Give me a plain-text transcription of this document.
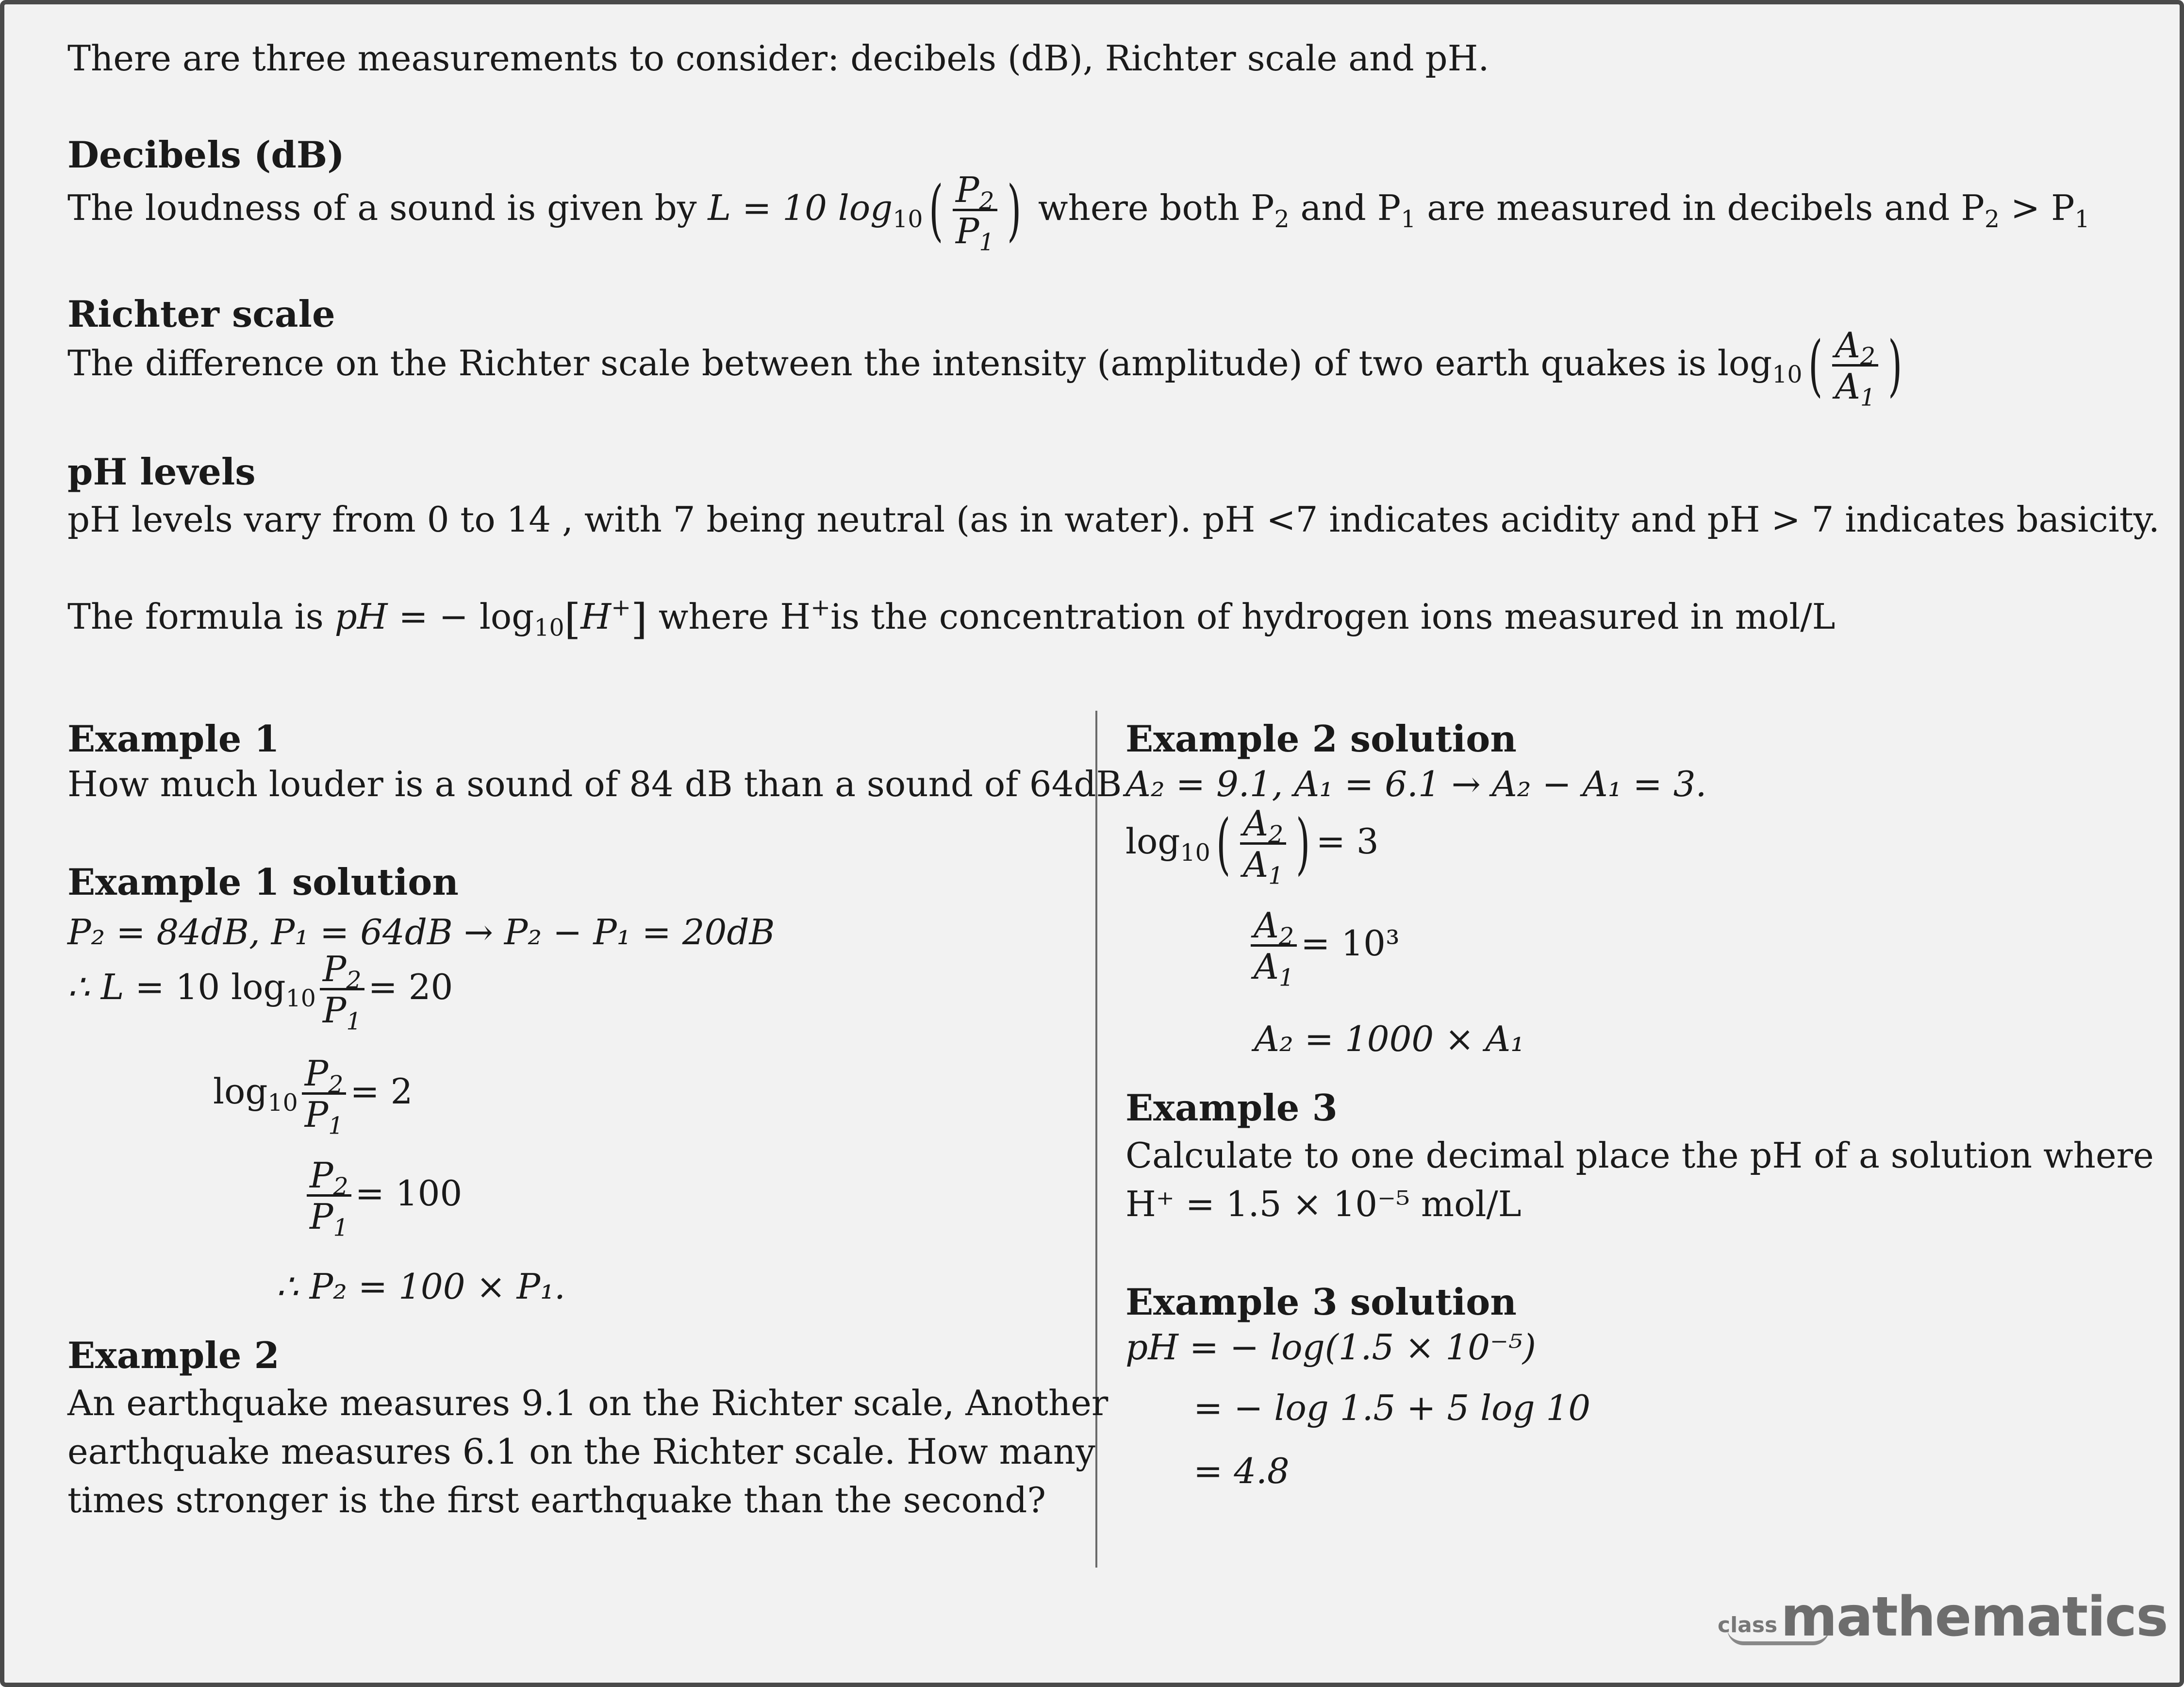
There are three measurements to consider: decibels (dB), Richter scale and pH.
Decibels (dB)
The loudness of a sound is given by L = 10 $\log_{10}( \frac{P_2}{P_1}$ ) where both $P_2$ and $P_1$ are measured in decibels and $P_2 > P_1$
Richter scale
The difference on the Richter scale between the intensity (amplitude) of two earth quakes is $\log_{10}( \frac{A_2}{A_1}$ )
pH levels
pH levels vary from 0 to 14 , with 7 being neutral (as in water). pH <7 indicates acidity and pH > 7 indicates basicity.
The formula is pH = − $\log_{10}[H^+]$ where H+is the concentration of hydrogen ions measured in mol/L
Example 1
How much louder is a sound of 84 dB than a sound of 64dB
Example 1 solution
P₂ = 84dB, P₁ = 64dB → P₂ − P₁ = 20dB
∴ L = 10 $\log_{10} \frac{P_2}{P_1} = 20$
$\log_{10} \frac{P_2}{P_1} = 2$
$\frac{P_2}{P_1} = 100$
∴ P₂ = 100 × P₁.
Example 2
An earthquake measures 9.1 on the Richter scale, Another
earthquake measures 6.1 on the Richter scale. How many
times stronger is the first earthquake than the second?
Example 2 solution
A₂ = 9.1, A₁ = 6.1 → A₂ − A₁ = 3.
$\log_{10}( \frac{A_2}{A_1}$ ) = 3
$\frac{A_2}{A_1} = 10^3$
A₂ = 1000 × A₁
Example 3
Calculate to one decimal place the pH of a solution where
H⁺ = 1.5 × 10⁻⁵ mol/L
Example 3 solution
pH = − log(1.5 × 10⁻⁵)
= − log 1.5 + 5 log 10
= 4.8
class mathematics
